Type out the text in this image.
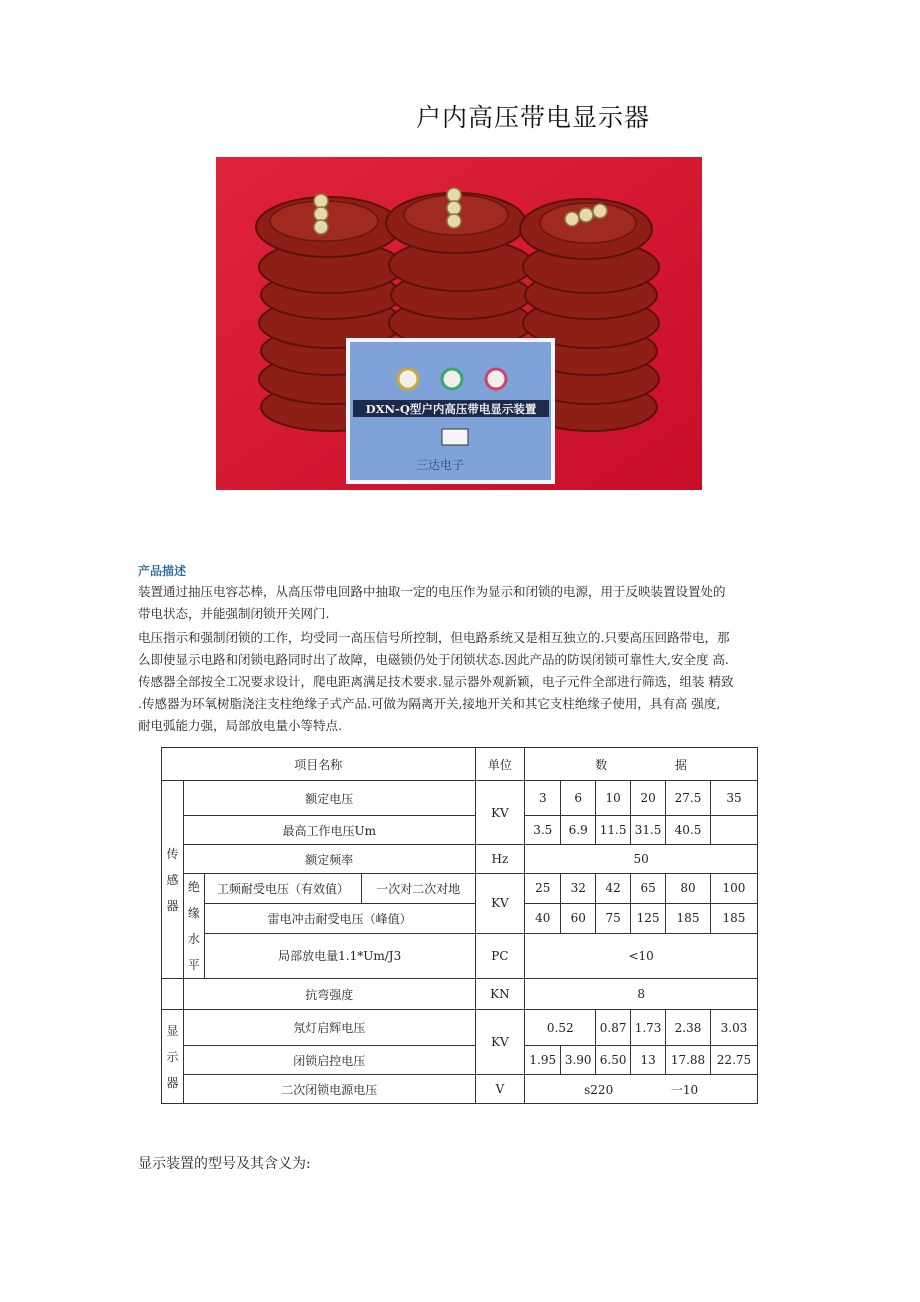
户内高压带电显示器
DXN-Q型户内高压带电显示装置
三达电子
产品描述
装置通过抽压电容芯棒，从高压带电回路中抽取一定的电压作为显示和闭锁的电源，用于反映装置设置处的
带电状态，并能强制闭锁开关网门.
电压指示和强制闭锁的工作，均受同一高压信号所控制，但电路系统又是相互独立的.只要高压回路带电，那
么即使显示电路和闭锁电路同时出了故障，电磁锁仍处于闭锁状态.因此产品的防误闭锁可靠性大,安全度 高.
传感器全部按全工况要求设计，爬电距离满足技术要求.显示器外观新颖，电子元件全部进行筛选，组装 精致
.传感器为环氧树脂浇注支柱绝缘子式产品.可做为隔离开关,接地开关和其它支柱绝缘子使用，具有高 强度,
耐电弧能力强，局部放电量小等特点.
项目名称				单位	数 据					

传
感
器	额定电压			KV	3	6	10	20	27.5	35
	最高工作电压Um				3.5	6.9	11.5	31.5	40.5	
	额定频率			Hz	50					

	绝
缘
水
平	工频耐受电压（有效值）	一次对二次对地	KV	25	32	42	65	80	100
		雷电冲击耐受电压（峰值）			40	60	75	125	185	185
		局部放电量1.1*Um/J3		PC	<10					
	抗弯强度			KN	8					

显
示
器	氖灯启辉电压			KV	0.52		0.87	1.73	2.38	3.03
	闭锁启控电压				1.95	3.90	6.50	13	17.88	22.75
	二次闭锁电源电压			V	s220 一10					
显示装置的型号及其含义为:
